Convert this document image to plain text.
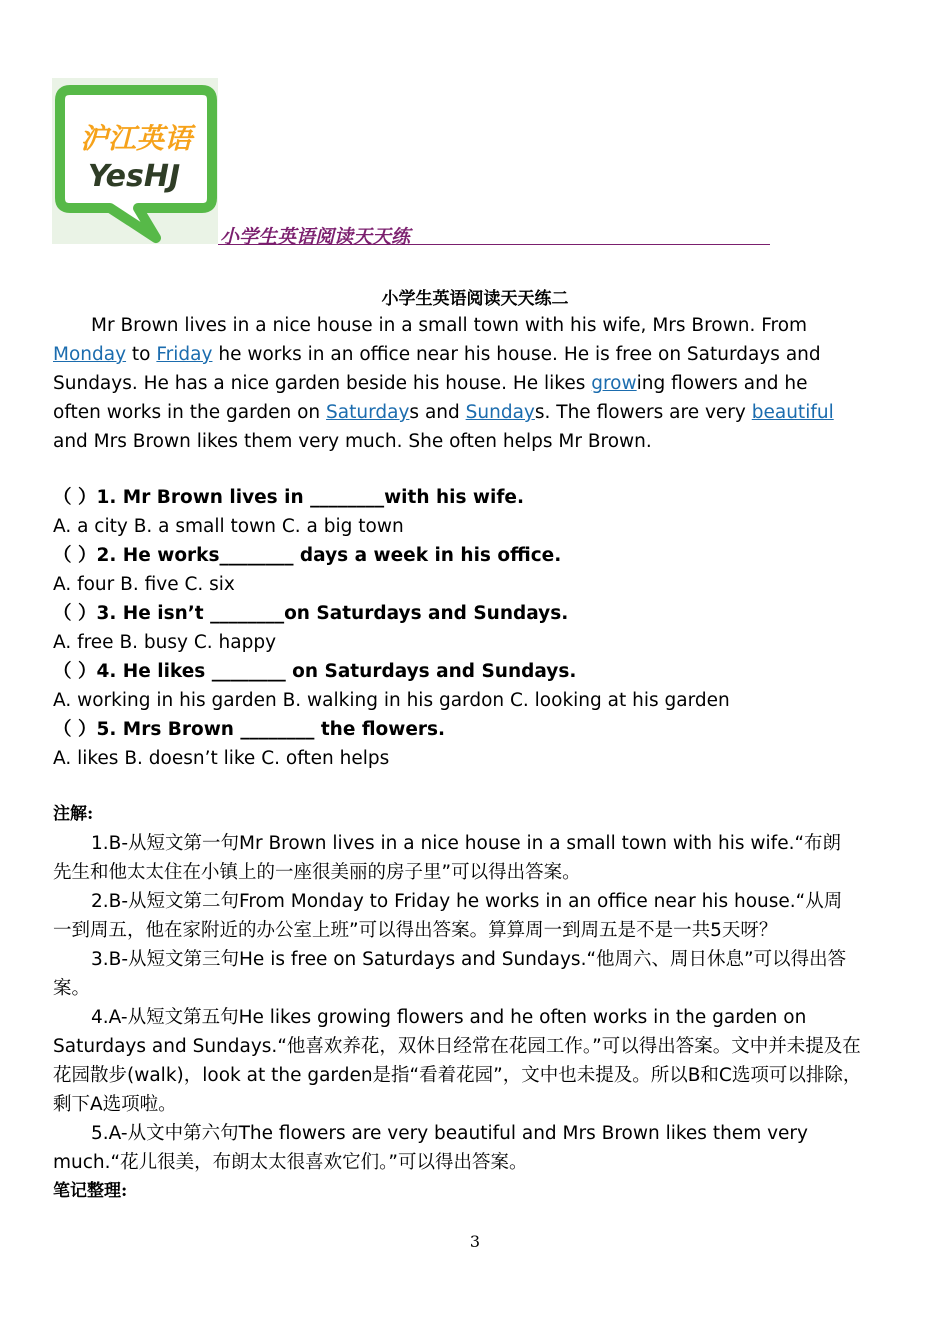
沪江英语
YesHJ
小学生英语阅读天天练
小学生英语阅读天天练二
Mr Brown lives in a nice house in a small town with his wife, Mrs Brown. From
Monday to Friday he works in an office near his house. He is free on Saturdays and
Sundays. He has a nice garden beside his house. He likes growing flowers and he
often works in the garden on Saturdays and Sundays. The flowers are very beautiful
and Mrs Brown likes them very much. She often helps Mr Brown.
（ ）1. Mr Brown lives in ________with his wife.
A. a city B. a small town C. a big town
（ ）2. He works________ days a week in his office.
A. four B. five C. six
（ ）3. He isn’t ________on Saturdays and Sundays.
A. free B. busy C. happy
（ ）4. He likes ________ on Saturdays and Sundays.
A. working in his garden B. walking in his gardon C. looking at his garden
（ ）5. Mrs Brown ________ the flowers.
A. likes B. doesn’t like C. often helps
注解:
1.B-从短文第一句Mr Brown lives in a nice house in a small town with his wife.“布朗
先生和他太太住在小镇上的一座很美丽的房子里”可以得出答案。
2.B-从短文第二句From Monday to Friday he works in an office near his house.“从周
一到周五，他在家附近的办公室上班”可以得出答案。算算周一到周五是不是一共5天呀？
3.B-从短文第三句He is free on Saturdays and Sundays.“他周六、周日休息”可以得出答
案。
4.A-从短文第五句He likes growing flowers and he often works in the garden on
Saturdays and Sundays.“他喜欢养花，双休日经常在花园工作。”可以得出答案。文中并未提及在
花园散步(walk)，look at the garden是指“看着花园”，文中也未提及。所以B和C选项可以排除，
剩下A选项啦。
5.A-从文中第六句The flowers are very beautiful and Mrs Brown likes them very
much.“花儿很美，布朗太太很喜欢它们。”可以得出答案。
笔记整理:
3
